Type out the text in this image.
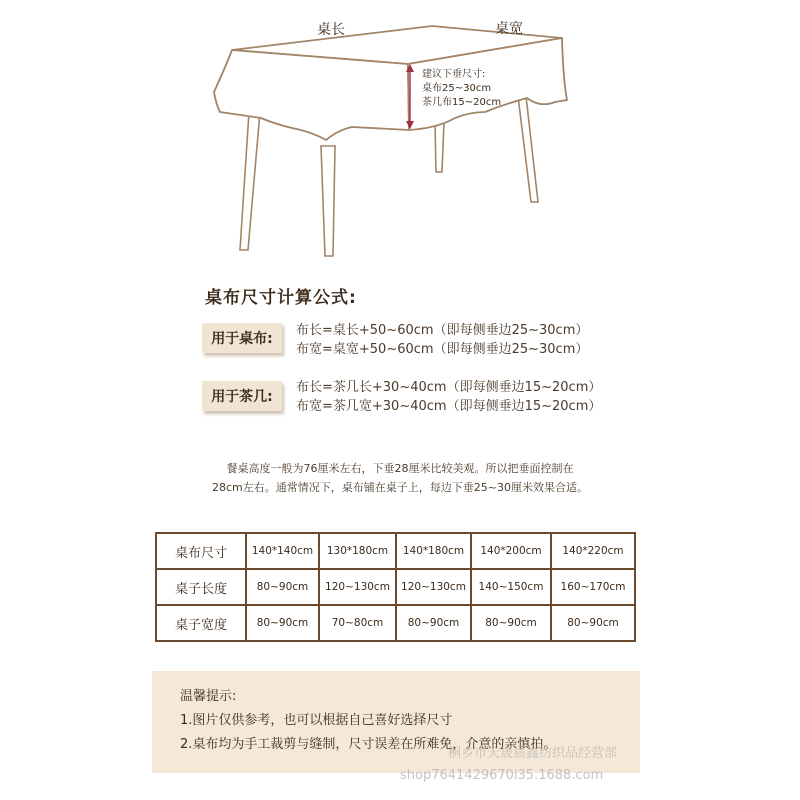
桌长	桌宽
建议下垂尺寸:
桌布25~30cm
茶几布15~20cm
桌布尺寸计算公式:
用于桌布:
布长=桌长+50~60cm（即每侧垂边25~30cm）
布宽=桌宽+50~60cm（即每侧垂边25~30cm）
用于茶几:
布长=茶几长+30~40cm（即每侧垂边15~20cm）
布宽=茶几宽+30~40cm（即每侧垂边15~20cm）
餐桌高度一般为76厘米左右，下垂28厘米比较美观。所以把垂面控制在
28cm左右。通常情况下，桌布铺在桌子上，每边下垂25~30厘米效果合适。
桌布尺寸	140*140cm	130*180cm	140*180cm	140*200cm	140*220cm
桌子长度	80~90cm	120~130cm	120~130cm	140~150cm	160~170cm
桌子宽度	80~90cm	70~80cm	80~90cm	80~90cm	80~90cm
温馨提示:
1.图片仅供参考，也可以根据自己喜好选择尺寸
2.桌布均为手工裁剪与缝制，尺寸误差在所难免，介意的亲慎拍。
桐乡市天晟晨鑫纺织品经营部
shop7641429670i35.1688.com
